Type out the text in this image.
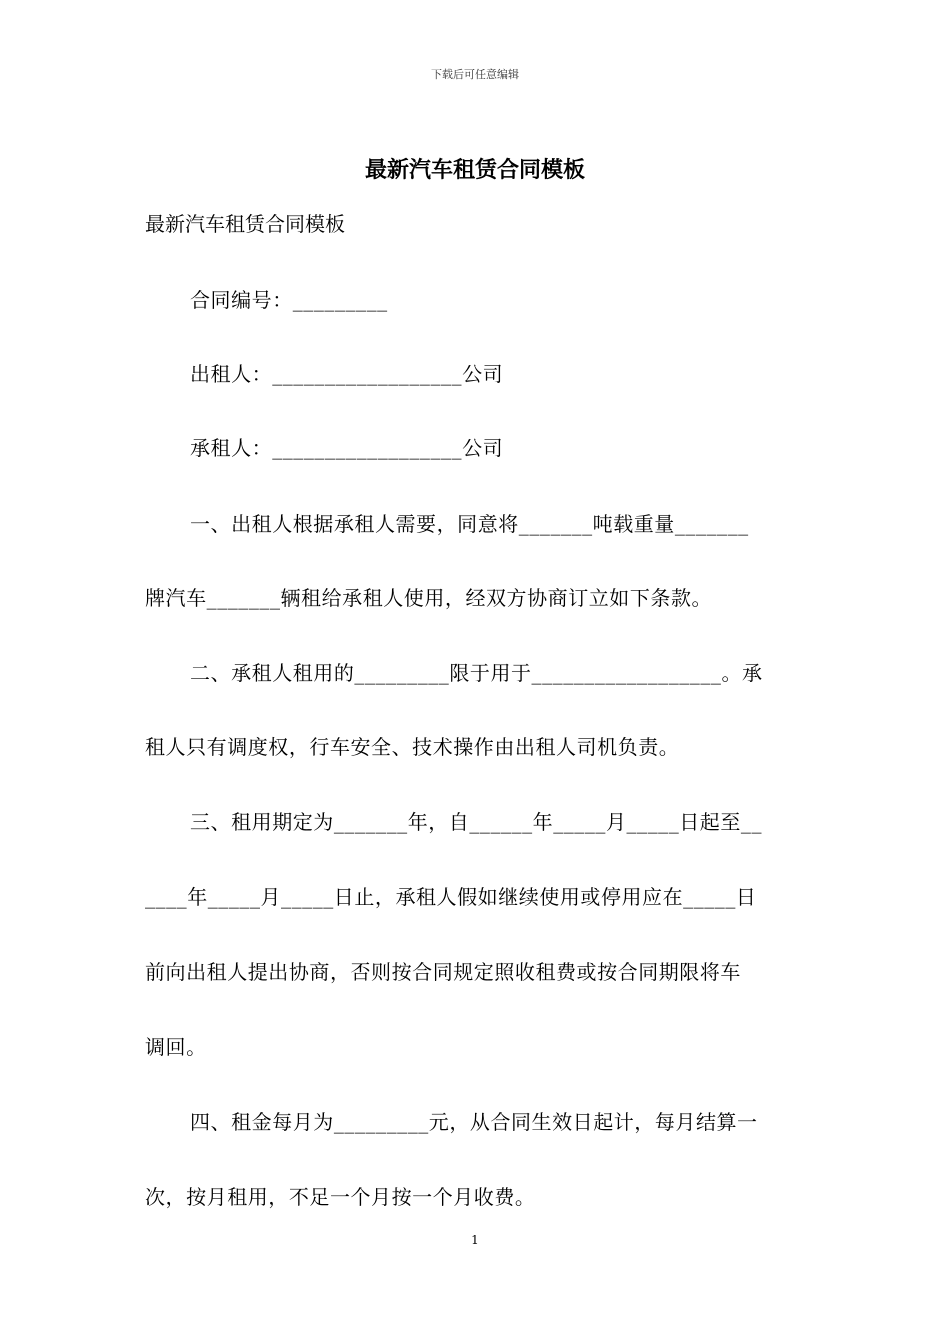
下载后可任意编辑
最新汽车租赁合同模板
最新汽车租赁合同模板
合同编号：_________
出租人：__________________公司
承租人：__________________公司
一、出租人根据承租人需要，同意将_______吨载重量_______
牌汽车_______辆租给承租人使用，经双方协商订立如下条款。
二、承租人租用的_________限于用于__________________。承
租人只有调度权，行车安全、技术操作由出租人司机负责。
三、租用期定为_______年，自______年_____月_____日起至__
____年_____月_____日止，承租人假如继续使用或停用应在_____日
前向出租人提出协商，否则按合同规定照收租费或按合同期限将车
调回。
四、租金每月为_________元，从合同生效日起计，每月结算一
次，按月租用，不足一个月按一个月收费。
1
